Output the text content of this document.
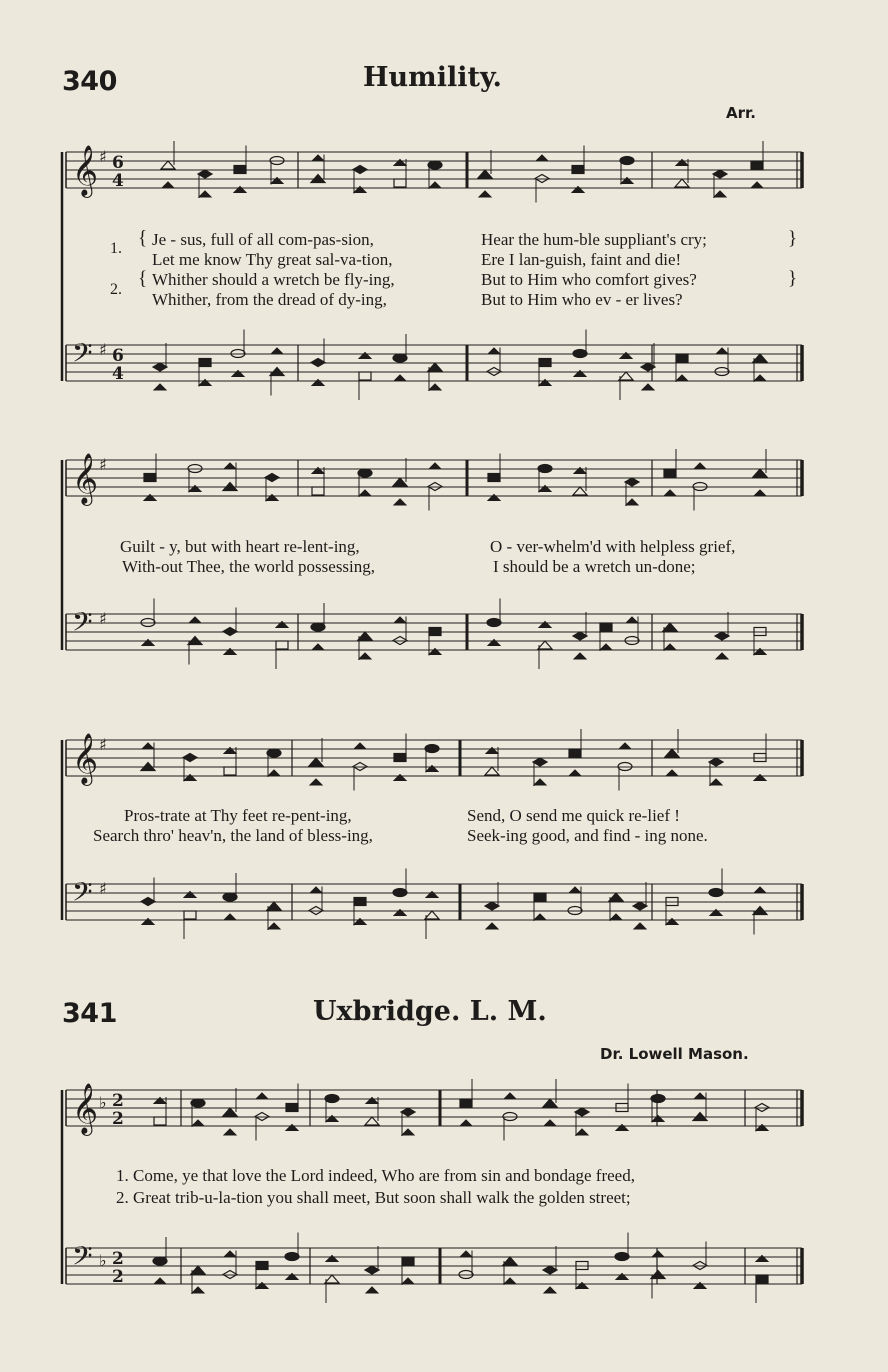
𝄞 ♯ 6
4
𝄢 ♯ 6
4
𝄞 ♯
𝄢 ♯
𝄞 ♯
𝄢 ♯
𝄞 ♭ 2
2
𝄢 ♭ 2
2
340	Humility.
Arr.
1.
2.
{
{
}
}
Je - sus, full of all com-pas-sion,	Hear the hum-ble suppliant's cry;
Let me know Thy great sal-va-tion,	Ere I lan-guish, faint and die!
Whither should a wretch be fly-ing,	But to Him who comfort gives?
Whither, from the dread of dy-ing,	But to Him who ev - er lives?
Guilt - y, but with heart re-lent-ing,	O - ver-whelm'd with helpless grief,
With-out Thee, the world possessing,	I should be a wretch un-done;
Pros-trate at Thy feet re-pent-ing,	Send, O send me quick re-lief !
Search thro' heav'n, the land of bless-ing,	Seek-ing good, and find - ing none.
341	Uxbridge. L. M.
Dr. Lowell Mason.
1. Come, ye that love the Lord indeed, Who are from sin and bondage freed,
2. Great trib-u-la-tion you shall meet, But soon shall walk the golden street;
